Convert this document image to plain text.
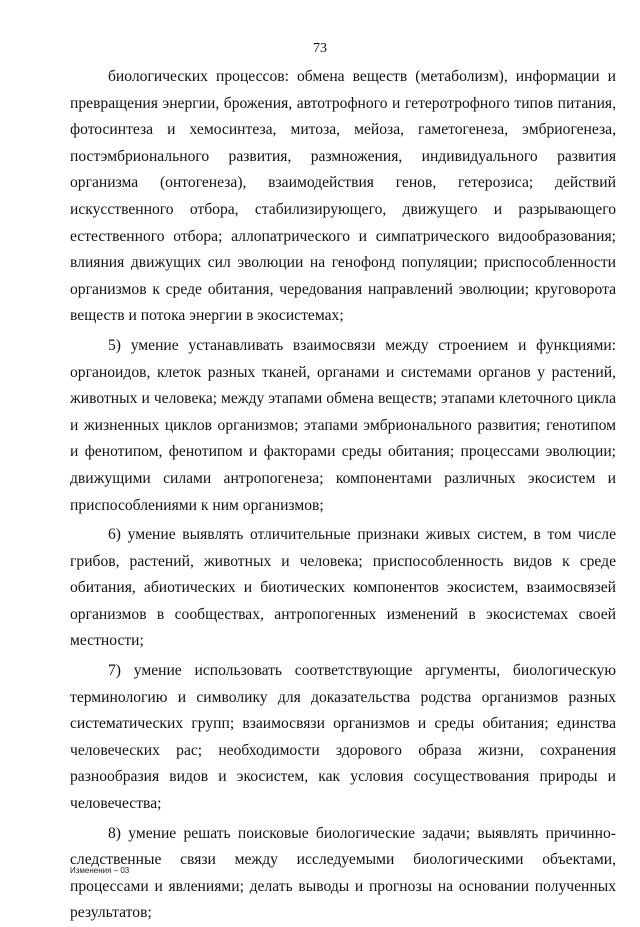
73

биологических процессов: обмена веществ (метаболизм), информации и превращения энергии, брожения, автотрофного и гетеротрофного типов питания, фотосинтеза и хемосинтеза, митоза, мейоза, гаметогенеза, эмбриогенеза, постэмбрионального развития, размножения, индивидуального развития организма (онтогенеза), взаимодействия генов, гетерозиса; действий искусственного отбора, стабилизирующего, движущего и разрывающего естественного отбора; аллопатрического и симпатрического видообразования; влияния движущих сил эволюции на генофонд популяции; приспособленности организмов к среде обитания, чередования направлений эволюции; круговорота веществ и потока энергии в экосистемах;

5) умение устанавливать взаимосвязи между строением и функциями: органоидов, клеток разных тканей, органами и системами органов у растений, животных и человека; между этапами обмена веществ; этапами клеточного цикла и жизненных циклов организмов; этапами эмбрионального развития; генотипом и фенотипом, фенотипом и факторами среды обитания; процессами эволюции; движущими силами антропогенеза; компонентами различных экосистем и приспособлениями к ним организмов;

6) умение выявлять отличительные признаки живых систем, в том числе грибов, растений, животных и человека; приспособленность видов к среде обитания, абиотических и биотических компонентов экосистем, взаимосвязей организмов в сообществах, антропогенных изменений в экосистемах своей местности;

7) умение использовать соответствующие аргументы, биологическую терминологию и символику для доказательства родства организмов разных систематических групп; взаимосвязи организмов и среды обитания; единства человеческих рас; необходимости здорового образа жизни, сохранения разнообразия видов и экосистем, как условия сосуществования природы и человечества;

8) умение решать поисковые биологические задачи; выявлять причинно-следственные связи между исследуемыми биологическими объектами, процессами и явлениями; делать выводы и прогнозы на основании полученных результатов;

Изменения – 03
